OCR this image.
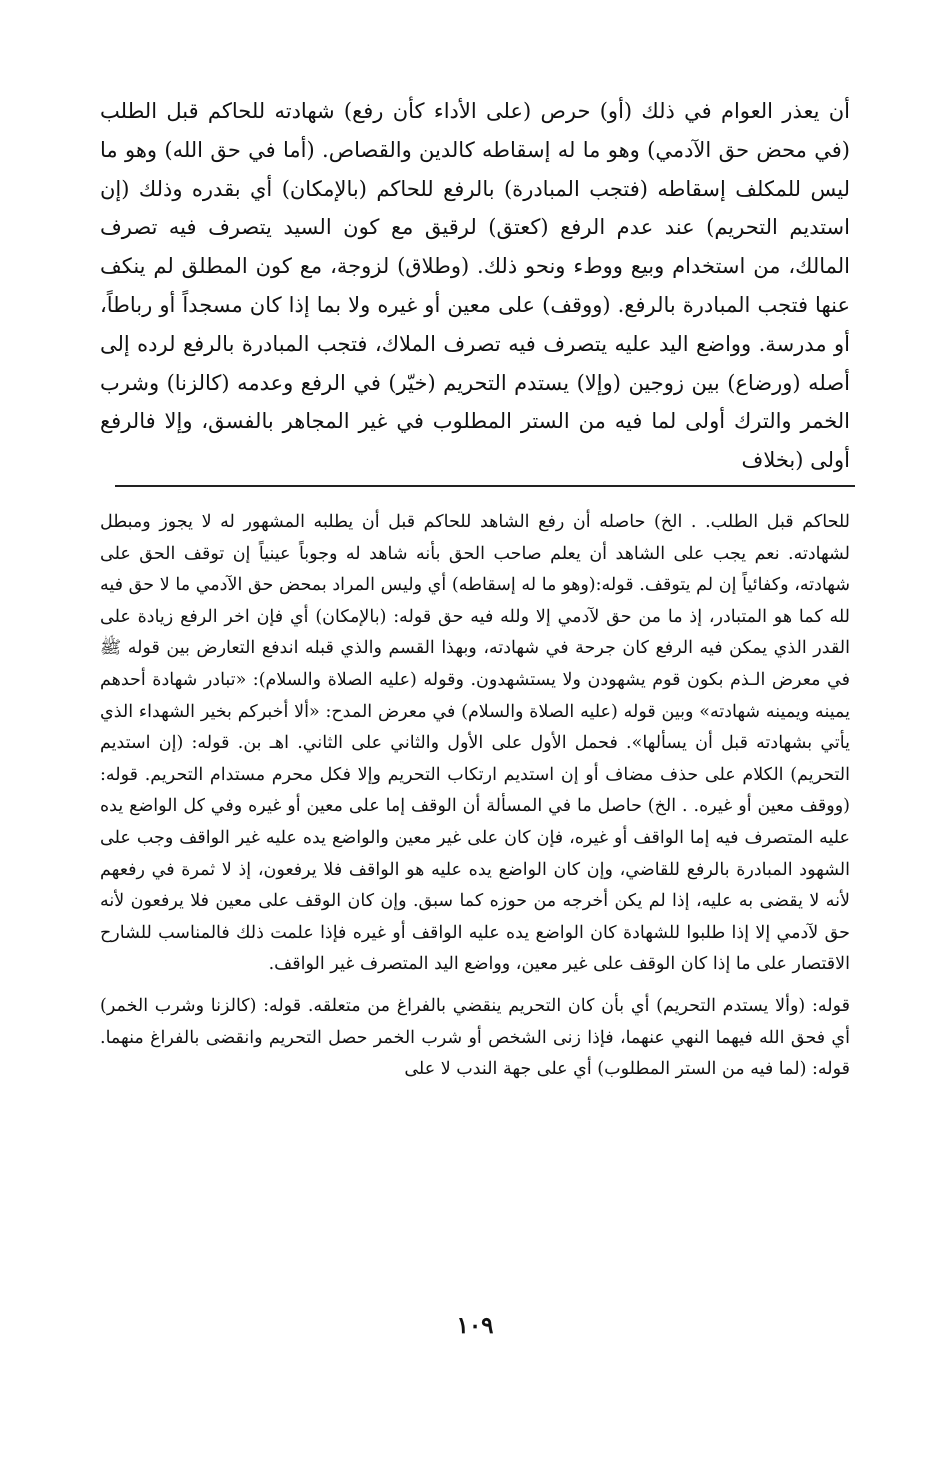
أن يعذر العوام في ذلك (أو) حرص (على الأداء كأن رفع) شهادته للحاكم قبل الطلب (في محض حق الآدمي) وهو ما له إسقاطه كالدين والقصاص. (أما في حق الله) وهو ما ليس للمكلف إسقاطه (فتجب المبادرة) بالرفع للحاكم (بالإمكان) أي بقدره وذلك (إن استديم التحريم) عند عدم الرفع (كعتق) لرقيق مع كون السيد يتصرف فيه تصرف المالك، من استخدام وبيع ووطء ونحو ذلك. (وطلاق) لزوجة، مع كون المطلق لم ينكف عنها فتجب المبادرة بالرفع. (ووقف) على معين أو غيره ولا بما إذا كان مسجداً أو رباطاً، أو مدرسة. وواضع اليد عليه يتصرف فيه تصرف الملاك، فتجب المبادرة بالرفع لرده إلى أصله (ورضاع) بين زوجين (وإلا) يستدم التحريم (خيّر) في الرفع وعدمه (كالزنا) وشرب الخمر والترك أولى لما فيه من الستر المطلوب في غير المجاهر بالفسق، وإلا فالرفع أولى (بخلاف

للحاكم قبل الطلب. . الخ) حاصله أن رفع الشاهد للحاكم قبل أن يطلبه المشهور له لا يجوز ومبطل لشهادته. نعم يجب على الشاهد أن يعلم صاحب الحق بأنه شاهد له وجوباً عينياً إن توقف الحق على شهادته، وكفائياً إن لم يتوقف. قوله:(وهو ما له إسقاطه) أي وليس المراد بمحض حق الآدمي ما لا حق فيه لله كما هو المتبادر، إذ ما من حق لآدمي إلا ولله فيه حق قوله: (بالإمكان) أي فإن اخر الرفع زيادة على القدر الذي يمكن فيه الرفع كان جرحة في شهادته، وبهذا القسم والذي قبله اندفع التعارض بين قوله ﷺ في معرض الـذم بكون قوم يشهودن ولا يستشهدون. وقوله (عليه الصلاة والسلام): «تبادر شهادة أحدهم يمينه ويمينه شهادته» وبين قوله (عليه الصلاة والسلام) في معرض المدح: «ألا أخبركم بخير الشهداء الذي يأتي بشهادته قبل أن يسألها». فحمل الأول على الأول والثاني على الثاني. اهـ بن. قوله: (إن استديم التحريم) الكلام على حذف مضاف أو إن استديم ارتكاب التحريم وإلا فكل محرم مستدام التحريم. قوله: (ووقف معين أو غيره. . الخ) حاصل ما في المسألة أن الوقف إما على معين أو غيره وفي كل الواضع يده عليه المتصرف فيه إما الواقف أو غيره، فإن كان على غير معين والواضع يده عليه غير الواقف وجب على الشهود المبادرة بالرفع للقاضي، وإن كان الواضع يده عليه هو الواقف فلا يرفعون، إذ لا ثمرة في رفعهم لأنه لا يقضى به عليه، إذا لم يكن أخرجه من حوزه كما سبق. وإن كان الوقف على معين فلا يرفعون لأنه حق لآدمي إلا إذا طلبوا للشهادة كان الواضع يده عليه الواقف أو غيره فإذا علمت ذلك فالمناسب للشارح الاقتصار على ما إذا كان الوقف على غير معين، وواضع اليد المتصرف غير الواقف.

قوله: (وألا يستدم التحريم) أي بأن كان التحريم ينقضي بالفراغ من متعلقه. قوله: (كالزنا وشرب الخمر) أي فحق الله فيهما النهي عنهما، فإذا زنى الشخص أو شرب الخمر حصل التحريم وانقضى بالفراغ منهما. قوله: (لما فيه من الستر المطلوب) أي على جهة الندب لا على

١٠٩
